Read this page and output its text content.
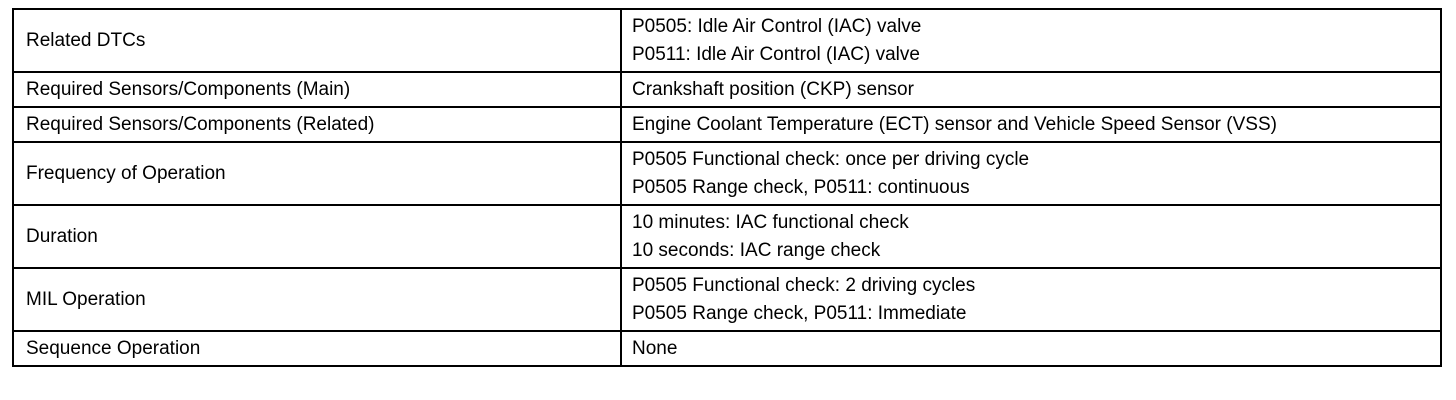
Related DTCs	P0505: Idle Air Control (IAC) valve
P0511: Idle Air Control (IAC) valve

Required Sensors/Components (Main)	Crankshaft position (CKP) sensor

Required Sensors/Components (Related)	Engine Coolant Temperature (ECT) sensor and Vehicle Speed Sensor (VSS)

Frequency of Operation	P0505 Functional check: once per driving cycle
P0505 Range check, P0511: continuous

Duration	10 minutes: IAC functional check
10 seconds: IAC range check

MIL Operation	P0505 Functional check: 2 driving cycles
P0505 Range check, P0511: Immediate

Sequence Operation	None
